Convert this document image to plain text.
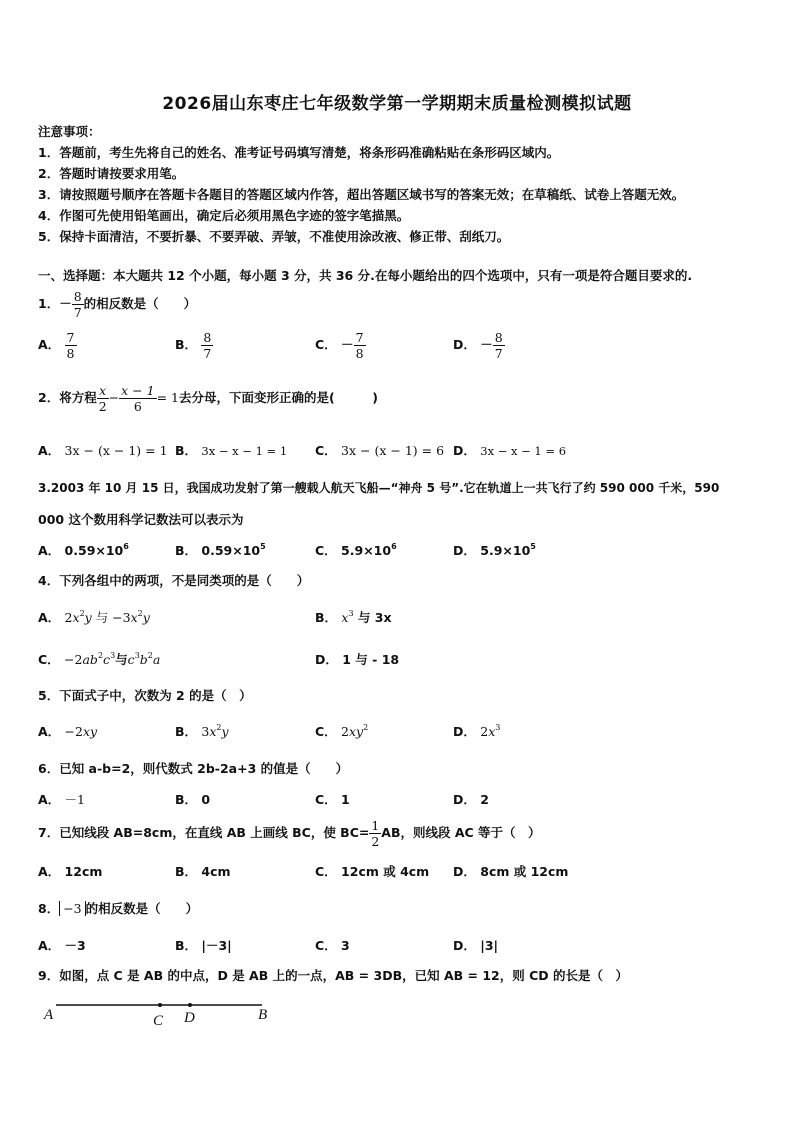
2026届山东枣庄七年级数学第一学期期末质量检测模拟试题
注意事项：
1．答题前，考生先将自己的姓名、准考证号码填写清楚，将条形码准确粘贴在条形码区域内。
2．答题时请按要求用笔。
3．请按照题号顺序在答题卡各题目的答题区域内作答，超出答题区域书写的答案无效；在草稿纸、试卷上答题无效。
4．作图可先使用铅笔画出，确定后必须用黑色字迹的签字笔描黑。
5．保持卡面清洁，不要折暴、不要弄破、弄皱，不准使用涂改液、修正带、刮纸刀。
一、选择题：本大题共 12 个小题，每小题 3 分，共 36 分.在每小题给出的四个选项中，只有一项是符合题目要求的.
1．－ $\frac{8}{7}$ 的相反数是（　　）
A． $\frac{7}{8}$	B． $\frac{8}{7}$	C． － $\frac{7}{8}$	D． － $\frac{8}{7}$
2．将方程 $\frac{x}{2} - \frac{x - 1}{6} = 1$去分母，下面变形正确的是(　　　)
A． 3x − (x − 1) = 1 B． 3x − x − 1 = 1 C． 3x − (x − 1) = 6 D． 3x − x − 1 = 6
3.2003 年 10 月 15 日，我国成功发射了第一艘载人航天飞船—“神舟 5 号”.它在轨道上一共飞行了约 590 000 千米，590
000 这个数用科学记数法可以表示为
A． $0.59\times 10^6$	B． $0.59\times 10^5$	C． $5.9\times 10^6$	D． $5.9\times 10^5$
4．下列各组中的两项，不是同类项的是（　　）
A． $2x^2y$ 与 $-3x^2y$	B． $x^3$ 与 3x
C． $-2ab^2c^3$与$c^3b^2a$	D． 1 与 - 18
5．下面式子中，次数为 2 的是（　）
A． −2xy	B． $3x^2y$	C． $2xy^2$	D． $2x^3$
6．已知 a-b=2，则代数式 2b-2a+3 的值是（　　）
A． －1	B． 0	C． 1	D． 2
7．已知线段 AB=8cm，在直线 AB 上画线 BC，使 $BC= \frac{1}{2}$ AB，则线段 AC 等于（　）
A． 12cm	B． 4cm	C． 12cm 或 4cm D． 8cm 或 12cm
8． −3 的相反数是（　　）
A． －3	B． |－3|	C． 3	D． |3|
9．如图，点 C 是 AB 的中点，D 是 AB 上的一点，AB = 3DB，已知 AB = 12，则 CD 的长是（　）
A	C D	B
